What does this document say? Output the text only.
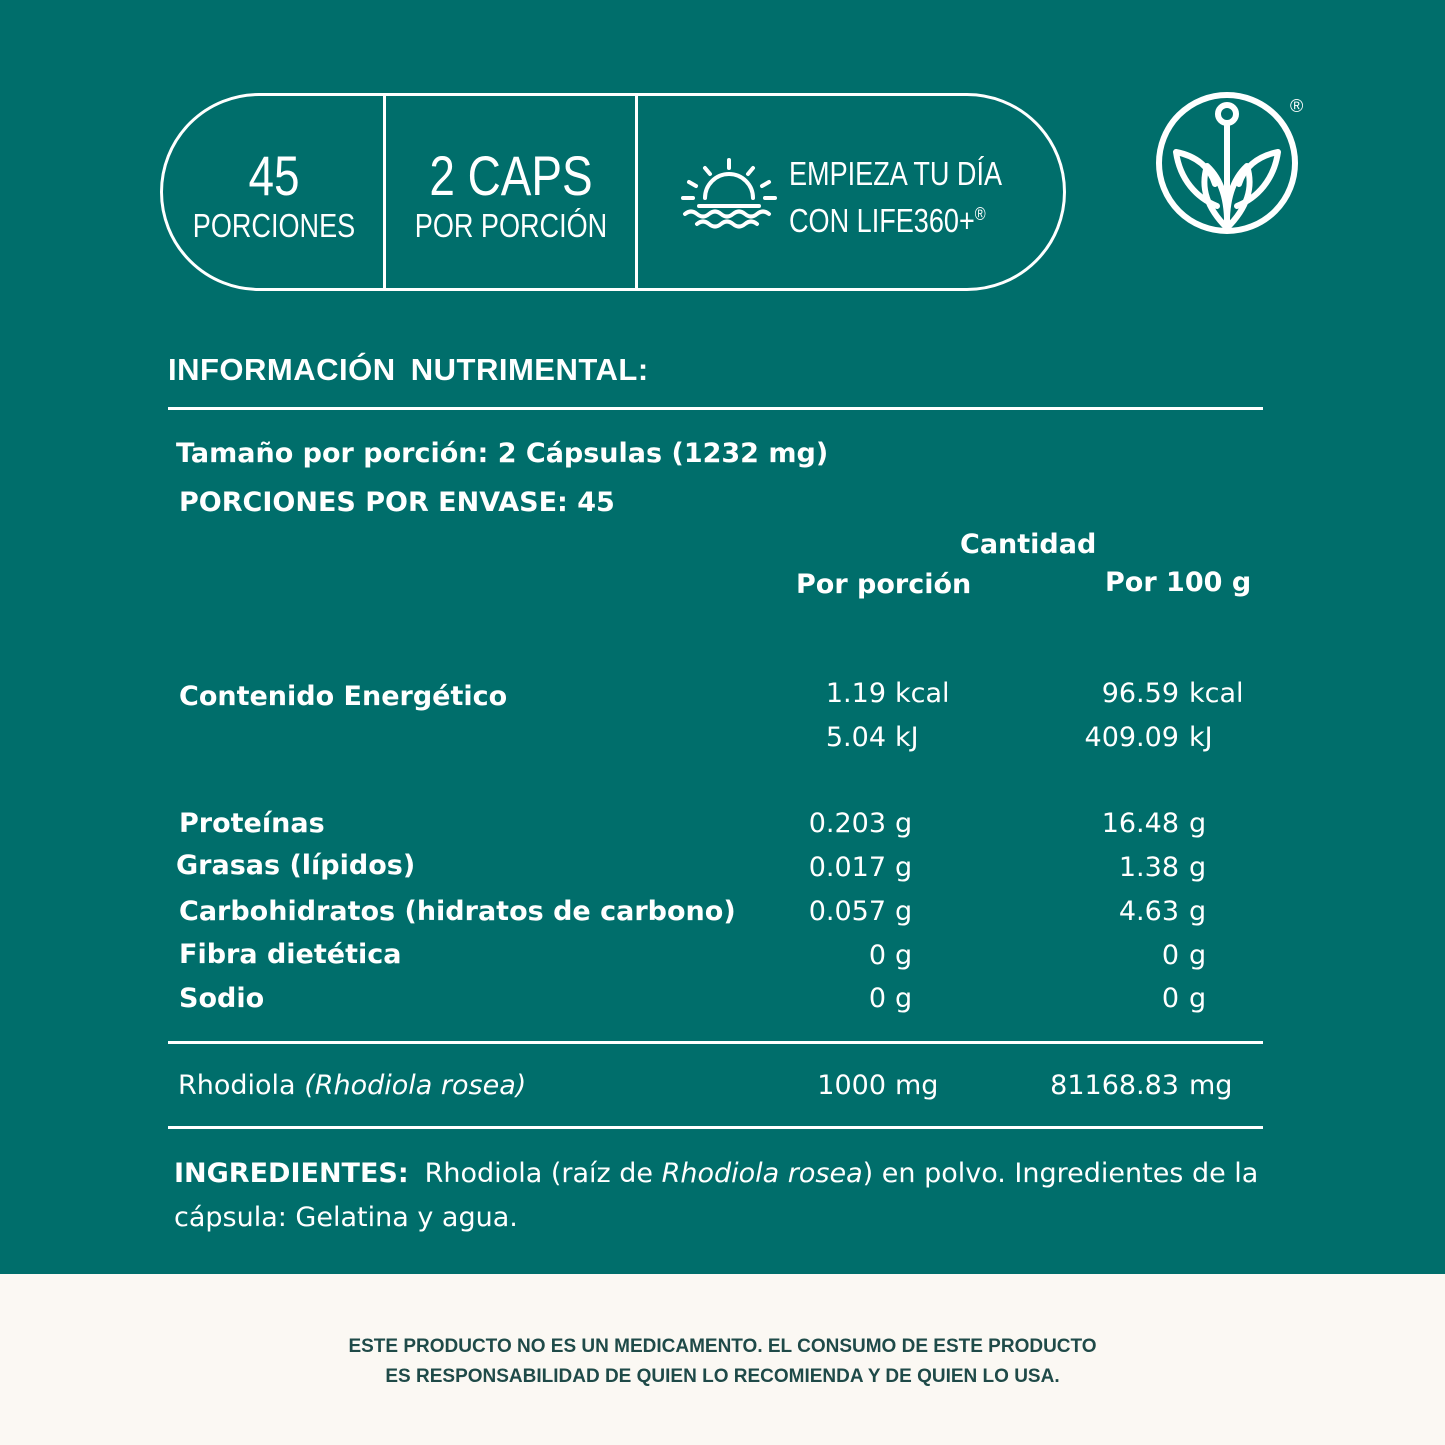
45
PORCIONES
2 CAPS
POR PORCIÓN
EMPIEZA TU DÍA
CON LIFE360+®
®
INFORMACIÓN NUTRIMENTAL:
Tamaño por porción: 2 Cápsulas (1232 mg)
PORCIONES POR ENVASE: 45
Cantidad
Por porción	Por 100 g
Contenido Energético	1.19 kcal	96.59 kcal
5.04 kJ	409.09 kJ
Proteínas	0.203 g	16.48 g
Grasas (lípidos)	0.017 g	1.38 g
Carbohidratos (hidratos de carbono)	0.057 g	4.63 g
Fibra dietética	0 g	0 g
Sodio	0 g	0 g
Rhodiola (Rhodiola rosea)	1000 mg	81168.83 mg
INGREDIENTES: Rhodiola (raíz de Rhodiola rosea) en polvo. Ingredientes de la cápsula: Gelatina y agua.
ESTE PRODUCTO NO ES UN MEDICAMENTO. EL CONSUMO DE ESTE PRODUCTO
ES RESPONSABILIDAD DE QUIEN LO RECOMIENDA Y DE QUIEN LO USA.
